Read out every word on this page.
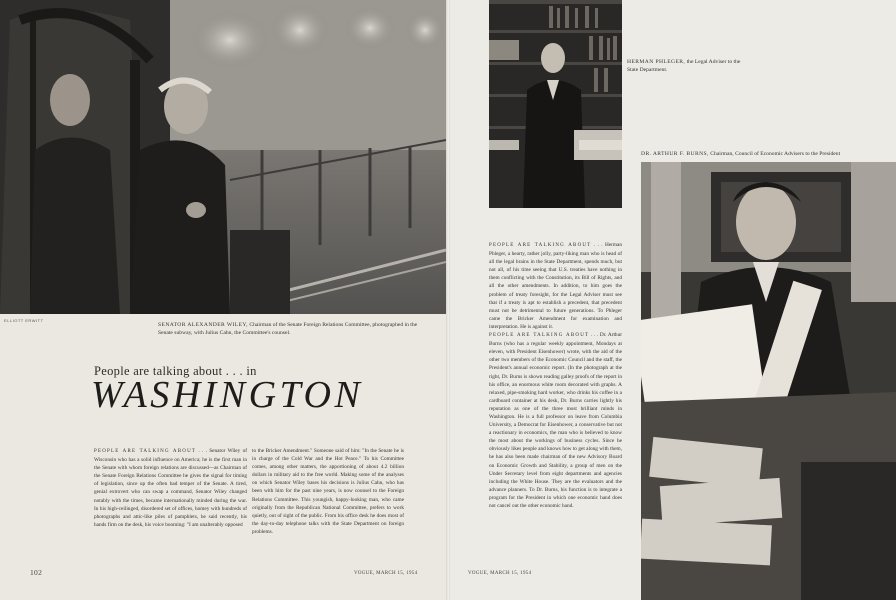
ELLIOTT ERWITT
SENATOR ALEXANDER WILEY, Chairman of the Senate Foreign Relations Committee, photographed in the Senate subway, with Julius Cahn, the Committee's counsel.
People are talking about . . . in
WASHINGTON
PEOPLE ARE TALKING ABOUT . . . Senator Wiley of Wisconsin who has a solid influence on America; he is the first man in the Senate with whom foreign relations are discussed—as Chairman of the Senate Foreign Relations Committee he gives the signal for timing of legislation, since up the often bad temper of the Senate. A tired, genial extrovert who can swap a command, Senator Wiley changed notably with the times, became internationally minded during the war. In his high-ceilinged, disordered set of offices, homey with hundreds of photographs and attic-like piles of pamphlets, he said recently, his hands firm on the desk, his voice booming: "I am unalterably opposed
to the Bricker Amendment." Someone said of him: "In the Senate he is in charge of the Cold War and the Hot Peace." To his Committee comes, among other matters, the apportioning of about 4.2 billion dollars in military aid to the free world. Making some of the analyses on which Senator Wiley bases his decisions is Julius Cahn, who has been with him for the past nine years, is now counsel to the Foreign Relations Committee. This youngish, happy-looking man, who came originally from the Republican National Committee, prefers to work quietly, out of sight of the public. From his office desk he does most of the day-to-day telephone talks with the State Department on foreign problems.
HERMAN PHLEGER, the Legal Adviser to the State Department.
DR. ARTHUR F. BURNS, Chairman, Council of Economic Advisers to the President
PEOPLE ARE TALKING ABOUT . . . Herman Phleger, a hearty, rather jolly, party-liking man who is head of all the legal brains in the State Department, spends much, but not all, of his time seeing that U.S. treaties have nothing in them conflicting with the Constitution, its Bill of Rights, and all the other amendments. In addition, to him goes the problem of treaty foresight, for the Legal Adviser must see that if a treaty is apt to establish a precedent, that precedent must not be detrimental to future generations. To Phleger came the Bricker Amendment for examination and interpretation. He is against it.
PEOPLE ARE TALKING ABOUT . . . Dr. Arthur Burns (who has a regular weekly appointment, Mondays at eleven, with President Eisenhower) wrote, with the aid of the other two members of the Economic Council and the staff, the President's annual economic report. (In the photograph at the right, Dr. Burns is shown reading galley proofs of the report in his office, an enormous white room decorated with graphs. A relaxed, pipe-smoking hard worker, who drinks his coffee in a cardboard container at his desk, Dr. Burns carries lightly his reputation as one of the three most brilliant minds in Washington. He is a full professor on leave from Columbia University, a Democrat for Eisenhower, a conservative but not a reactionary in economics, the man who is believed to know the most about the workings of business cycles. Since he obviously likes people and knows how to get along with them, he has also been made chairman of the new Advisory Board on Economic Growth and Stability, a group of men on the Under Secretary level from eight departments and agencies including the White House. They are the evaluators and the advance planners. To Dr. Burns, his function is to integrate a program for the President in which one economic hand does not cancel out the other economic hand.
102	VOGUE, MARCH 15, 1954	VOGUE, MARCH 15, 1954
